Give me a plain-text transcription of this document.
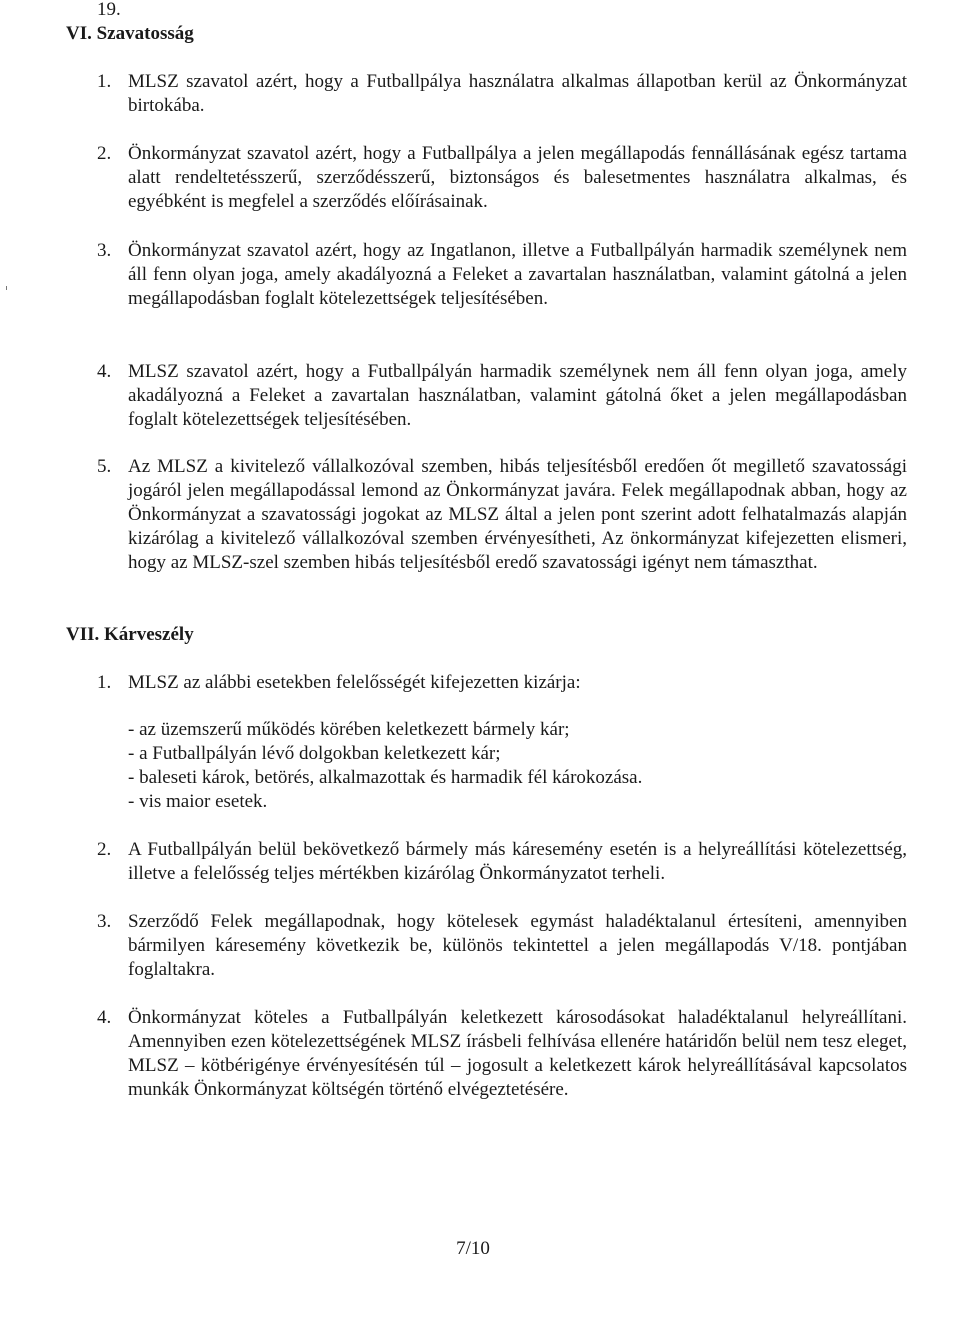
19.
VI. Szavatosság
1. MLSZ szavatol azért, hogy a Futballpálya használatra alkalmas állapotban kerül az Önkormányzat birtokába.
2. Önkormányzat szavatol azért, hogy a Futballpálya a jelen megállapodás fennállásának egész tartama alatt rendeltetésszerű, szerződésszerű, biztonságos és balesetmentes használatra alkalmas, és egyébként is megfelel a szerződés előírásainak.
3. Önkormányzat szavatol azért, hogy az Ingatlanon, illetve a Futballpályán harmadik személynek nem áll fenn olyan joga, amely akadályozná a Feleket a zavartalan használatban, valamint gátolná a jelen megállapodásban foglalt kötelezettségek teljesítésében.
4. MLSZ szavatol azért, hogy a Futballpályán harmadik személynek nem áll fenn olyan joga, amely akadályozná a Feleket a zavartalan használatban, valamint gátolná őket a jelen megállapodásban foglalt kötelezettségek teljesítésében.
5. Az MLSZ a kivitelező vállalkozóval szemben, hibás teljesítésből eredően őt megillető szavatossági jogáról jelen megállapodással lemond az Önkormányzat javára. Felek megállapodnak abban, hogy az Önkormányzat a szavatossági jogokat az MLSZ által a jelen pont szerint adott felhatalmazás alapján kizárólag a kivitelező vállalkozóval szemben érvényesítheti, Az önkormányzat kifejezetten elismeri, hogy az MLSZ-szel szemben hibás teljesítésből eredő szavatossági igényt nem támaszthat.
VII. Kárveszély
1. MLSZ az alábbi esetekben felelősségét kifejezetten kizárja:
- az üzemszerű működés körében keletkezett bármely kár;
- a Futballpályán lévő dolgokban keletkezett kár;
- baleseti károk, betörés, alkalmazottak és harmadik fél károkozása.
- vis maior esetek.
2. A Futballpályán belül bekövetkező bármely más káresemény esetén is a helyreállítási kötelezettség, illetve a felelősség teljes mértékben kizárólag Önkormányzatot terheli.
3. Szerződő Felek megállapodnak, hogy kötelesek egymást haladéktalanul értesíteni, amennyiben bármilyen káresemény következik be, különös tekintettel a jelen megállapodás V/18. pontjában foglaltakra.
4. Önkormányzat köteles a Futballpályán keletkezett károsodásokat haladéktalanul helyreállítani. Amennyiben ezen kötelezettségének MLSZ írásbeli felhívása ellenére határidőn belül nem tesz eleget, MLSZ – kötbérigénye érvényesítésén túl – jogosult a keletkezett károk helyreállításával kapcsolatos munkák Önkormányzat költségén történő elvégeztetésére.
7/10
